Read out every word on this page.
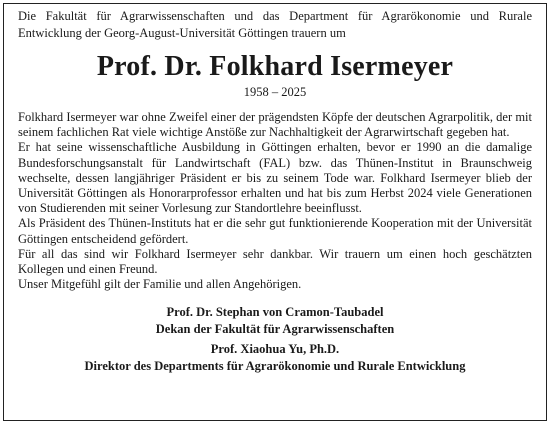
Die Fakultät für Agrarwissenschaften und das Department für Agrarökonomie und Rurale Entwicklung der Georg-August-Universität Göttingen trauern um

Prof. Dr. Folkhard Isermeyer
1958 – 2025

Folkhard Isermeyer war ohne Zweifel einer der prägendsten Köpfe der deutschen Agrarpolitik, der mit seinem fachlichen Rat viele wichtige Anstöße zur Nachhaltigkeit der Agrarwirtschaft gegeben hat.

Er hat seine wissenschaftliche Ausbildung in Göttingen erhalten, bevor er 1990 an die damalige Bundesforschungsanstalt für Landwirtschaft (FAL) bzw. das Thünen-Institut in Braunschweig wechselte, dessen langjähriger Präsident er bis zu seinem Tode war. Folkhard Isermeyer blieb der Universität Göttingen als Honorarprofessor erhalten und hat bis zum Herbst 2024 viele Generationen von Studierenden mit seiner Vorlesung zur Standortlehre beeinflusst.

Als Präsident des Thünen-Instituts hat er die sehr gut funktionierende Kooperation mit der Universität Göttingen entscheidend gefördert.

Für all das sind wir Folkhard Isermeyer sehr dankbar. Wir trauern um einen hoch geschätzten Kollegen und einen Freund.

Unser Mitgefühl gilt der Familie und allen Angehörigen.

Prof. Dr. Stephan von Cramon-Taubadel
Dekan der Fakultät für Agrarwissenschaften
Prof. Xiaohua Yu, Ph.D.
Direktor des Departments für Agrarökonomie und Rurale Entwicklung
